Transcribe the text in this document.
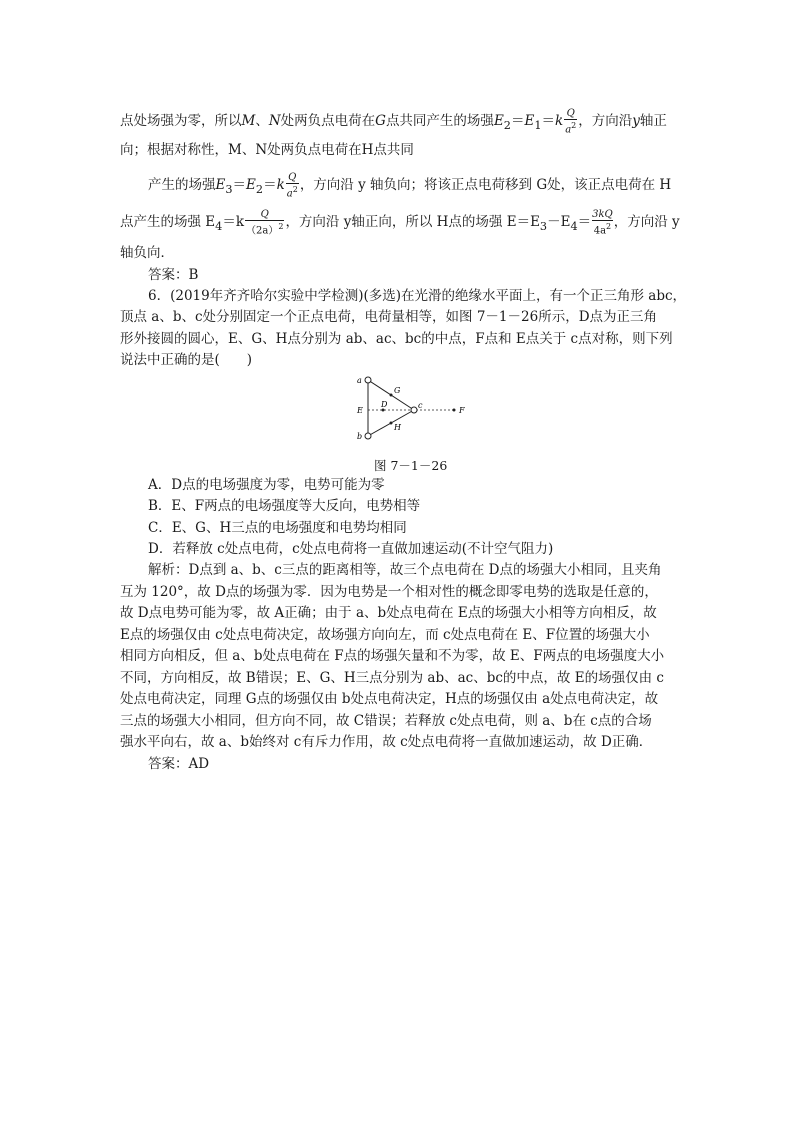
点处场强为零，所以M、N处两负点电荷在G点共同产生的场强$E_2=E_1=k \frac{Q}{a^2}$ ，方向沿y轴正
向；根据对称性，M、N处两负点电荷在H点共同
产生的场强$E_3=E_2=k \frac{Q}{a^2}$ ，方向沿 y 轴负向；将该正点电荷移到 G处，该正点电荷在 H
点产生的场强 $E_4=k \frac{Q}{(2a)^2}$ ，方向沿 y轴正向，所以 H点的场强 $E=E_3-E_4= \frac{3kQ}{4a^2}$ ，方向沿 y
轴负向．
答案：B
6．(2019年齐齐哈尔实验中学检测)(多选)在光滑的绝缘水平面上，有一个正三角形 abc，
顶点 a、b、c处分别固定一个正点电荷，电荷量相等，如图 7－1－26所示，D点为正三角
形外接圆的圆心，E、G、H点分别为 ab、ac、bc的中点，F点和 E点关于 c点对称，则下列
说法中正确的是(　　)
a
b
c
D
E	F
G
H
图 7－1－26
A．D点的电场强度为零，电势可能为零
B．E、F两点的电场强度等大反向，电势相等
C．E、G、H三点的电场强度和电势均相同
D．若释放 c处点电荷，c处点电荷将一直做加速运动(不计空气阻力)
解析：D点到 a、b、c三点的距离相等，故三个点电荷在 D点的场强大小相同，且夹角
互为 120°，故 D点的场强为零．因为电势是一个相对性的概念即零电势的选取是任意的，
故 D点电势可能为零，故 A正确；由于 a、b处点电荷在 E点的场强大小相等方向相反，故
E点的场强仅由 c处点电荷决定，故场强方向向左，而 c处点电荷在 E、F位置的场强大小
相同方向相反，但 a、b处点电荷在 F点的场强矢量和不为零，故 E、F两点的电场强度大小
不同，方向相反，故 B错误；E、G、H三点分别为 ab、ac、bc的中点，故 E的场强仅由 c
处点电荷决定，同理 G点的场强仅由 b处点电荷决定，H点的场强仅由 a处点电荷决定，故
三点的场强大小相同，但方向不同，故 C错误；若释放 c处点电荷，则 a、b在 c点的合场
强水平向右，故 a、b始终对 c有斥力作用，故 c处点电荷将一直做加速运动，故 D正确．
答案：AD
